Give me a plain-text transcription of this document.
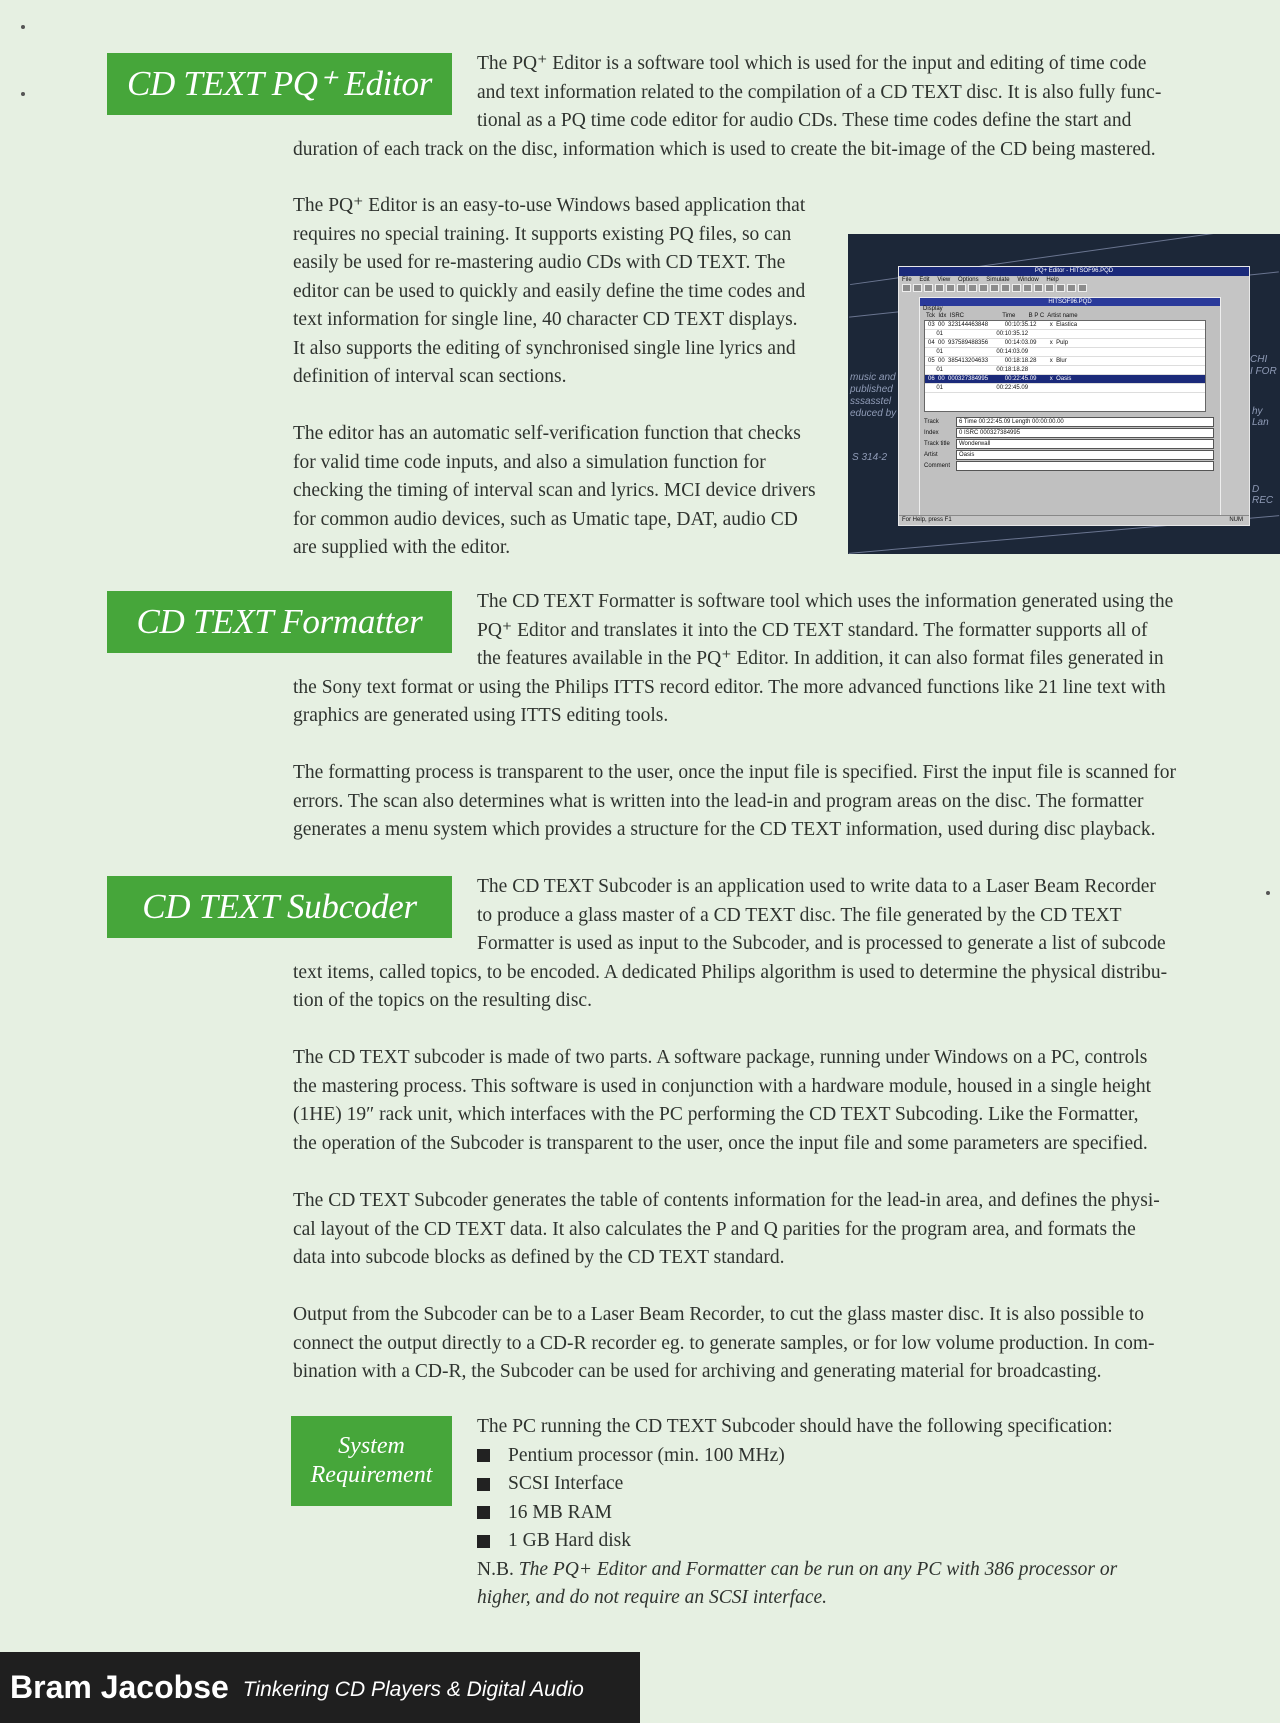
CD TEXT PQ⁺ Editor

The PQ⁺ Editor is a software tool which is used for the input and editing of time code
and text information related to the compilation of a CD TEXT disc. It is also fully func-
tional as a PQ time code editor for audio CDs. These time codes define the start and
duration of each track on the disc, information which is used to create the bit-image of the CD being mastered.

The PQ⁺ Editor is an easy-to-use Windows based application that
requires no special training. It supports existing PQ files, so can
easily be used for re-mastering audio CDs with CD TEXT. The
editor can be used to quickly and easily define the time codes and
text information for single line, 40 character CD TEXT displays.
It also supports the editing of synchronised single line lyrics and
definition of interval scan sections.

The editor has an automatic self-verification function that checks
for valid time code inputs, and also a simulation function for
checking the timing of interval scan and lyrics. MCI device drivers
for common audio devices, such as Umatic tape, DAT, audio CD
are supplied with the editor.

CHI
I FOR
hy Lan
D REC
S 314-2
music and
published
sssasstel
educed by
PQ+ Editor - HITSOF96.PQD
File Edit View Options Simulate Window Help
HITSOF96.PQD
Display
Tck  Idx  ISRC                       Time        B P C  Artist name
03  00  323144463848          00:10:35.12        x  Elastica
01                                00:10:35.12
04  00  937589488356          00:14:03.09        x  Pulp
01                                00:14:03.09
05  00  385413204633          00:18:18.28        x  Blur
01                                00:18:18.28
06  00  000327384995          00:22:45.09        x  Oasis
01                                00:22:45.09
Track	6 Time 00:22:45.09 Length 00:00:00.00
Index	0 ISRC 000327384995
Track title	Wonderwall
Artist	Oasis
Comment
For Help, press F1	NUM
CD TEXT Formatter

The CD TEXT Formatter is software tool which uses the information generated using the
PQ⁺ Editor and translates it into the CD TEXT standard. The formatter supports all of
the features available in the PQ⁺ Editor. In addition, it can also format files generated in
the Sony text format or using the Philips ITTS record editor. The more advanced functions like 21 line text with
graphics are generated using ITTS editing tools.

The formatting process is transparent to the user, once the input file is specified. First the input file is scanned for
errors. The scan also determines what is written into the lead-in and program areas on the disc. The formatter
generates a menu system which provides a structure for the CD TEXT information, used during disc playback.

CD TEXT Subcoder

The CD TEXT Subcoder is an application used to write data to a Laser Beam Recorder
to produce a glass master of a CD TEXT disc. The file generated by the CD TEXT
Formatter is used as input to the Subcoder, and is processed to generate a list of subcode
text items, called topics, to be encoded. A dedicated Philips algorithm is used to determine the physical distribu-
tion of the topics on the resulting disc.

The CD TEXT subcoder is made of two parts. A software package, running under Windows on a PC, controls
the mastering process. This software is used in conjunction with a hardware module, housed in a single height
(1HE) 19″ rack unit, which interfaces with the PC performing the CD TEXT Subcoding. Like the Formatter,
the operation of the Subcoder is transparent to the user, once the input file and some parameters are specified.

The CD TEXT Subcoder generates the table of contents information for the lead-in area, and defines the physi-
cal layout of the CD TEXT data. It also calculates the P and Q parities for the program area, and formats the
data into subcode blocks as defined by the CD TEXT standard.

Output from the Subcoder can be to a Laser Beam Recorder, to cut the glass master disc. It is also possible to
connect the output directly to a CD-R recorder eg. to generate samples, or for low volume production. In com-
bination with a CD-R, the Subcoder can be used for archiving and generating material for broadcasting.

System
Requirement
The PC running the CD TEXT Subcoder should have the following specification:
Pentium processor (min. 100 MHz)
SCSI Interface
16 MB RAM
1 GB Hard disk
N.B. The PQ+ Editor and Formatter can be run on any PC with 386 processor or
higher, and do not require an SCSI interface.
Bram Jacobse Tinkering CD Players & Digital Audio
